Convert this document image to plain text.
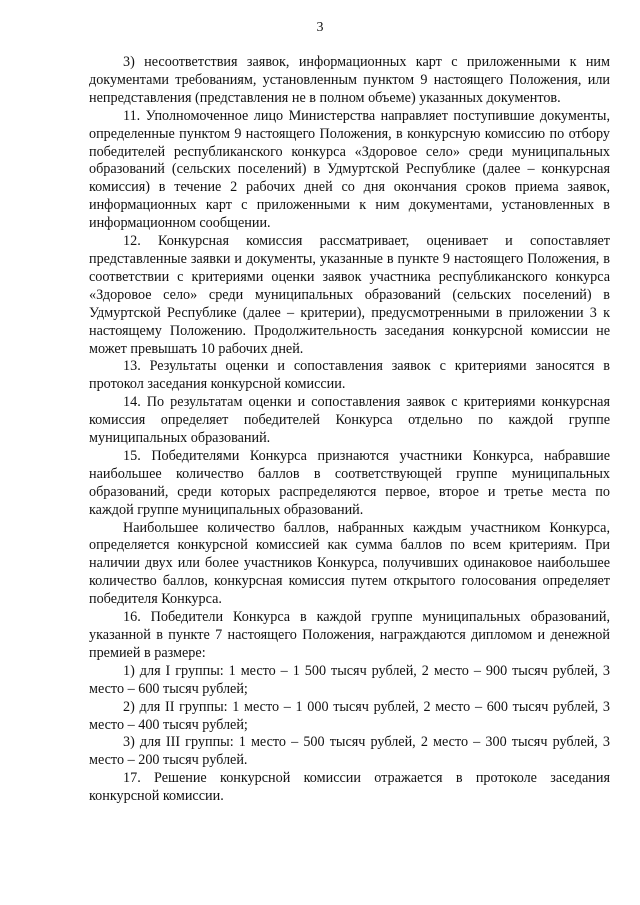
3

3) несоответствия заявок, информационных карт с приложенными к ним документами требованиям, установленным пунктом 9 настоящего Положения, или непредставления (представления не в полном объеме) указанных документов.

11. Уполномоченное лицо Министерства направляет поступившие документы, определенные пунктом 9 настоящего Положения, в конкурсную комиссию по отбору победителей республиканского конкурса «Здоровое село» среди муниципальных образований (сельских поселений) в Удмуртской Республике (далее – конкурсная комиссия) в течение 2 рабочих дней со дня окончания сроков приема заявок, информационных карт с приложенными к ним документами, установленных в информационном сообщении.

12. Конкурсная комиссия рассматривает, оценивает и сопоставляет представленные заявки и документы, указанные в пункте 9 настоящего Положения, в соответствии с критериями оценки заявок участника республиканского конкурса «Здоровое село» среди муниципальных образований (сельских поселений) в Удмуртской Республике (далее – критерии), предусмотренными в приложении 3 к настоящему Положению. Продолжительность заседания конкурсной комиссии не может превышать 10 рабочих дней.

13. Результаты оценки и сопоставления заявок с критериями заносятся в протокол заседания конкурсной комиссии.

14. По результатам оценки и сопоставления заявок с критериями конкурсная комиссия определяет победителей Конкурса отдельно по каждой группе муниципальных образований.

15. Победителями Конкурса признаются участники Конкурса, набравшие наибольшее количество баллов в соответствующей группе муниципальных образований, среди которых распределяются первое, второе и третье места по каждой группе муниципальных образований.

Наибольшее количество баллов, набранных каждым участником Конкурса, определяется конкурсной комиссией как сумма баллов по всем критериям. При наличии двух или более участников Конкурса, получивших одинаковое наибольшее количество баллов, конкурсная комиссия путем открытого голосования определяет победителя Конкурса.

16. Победители Конкурса в каждой группе муниципальных образований, указанной в пункте 7 настоящего Положения, награждаются дипломом и денежной премией в размере:

1) для I группы: 1 место – 1 500 тысяч рублей, 2 место – 900 тысяч рублей, 3 место – 600 тысяч рублей;

2) для II группы: 1 место – 1 000 тысяч рублей, 2 место – 600 тысяч рублей, 3 место – 400 тысяч рублей;

3) для III группы: 1 место – 500 тысяч рублей, 2 место – 300 тысяч рублей, 3 место – 200 тысяч рублей.

17. Решение конкурсной комиссии отражается в протоколе заседания конкурсной комиссии.
